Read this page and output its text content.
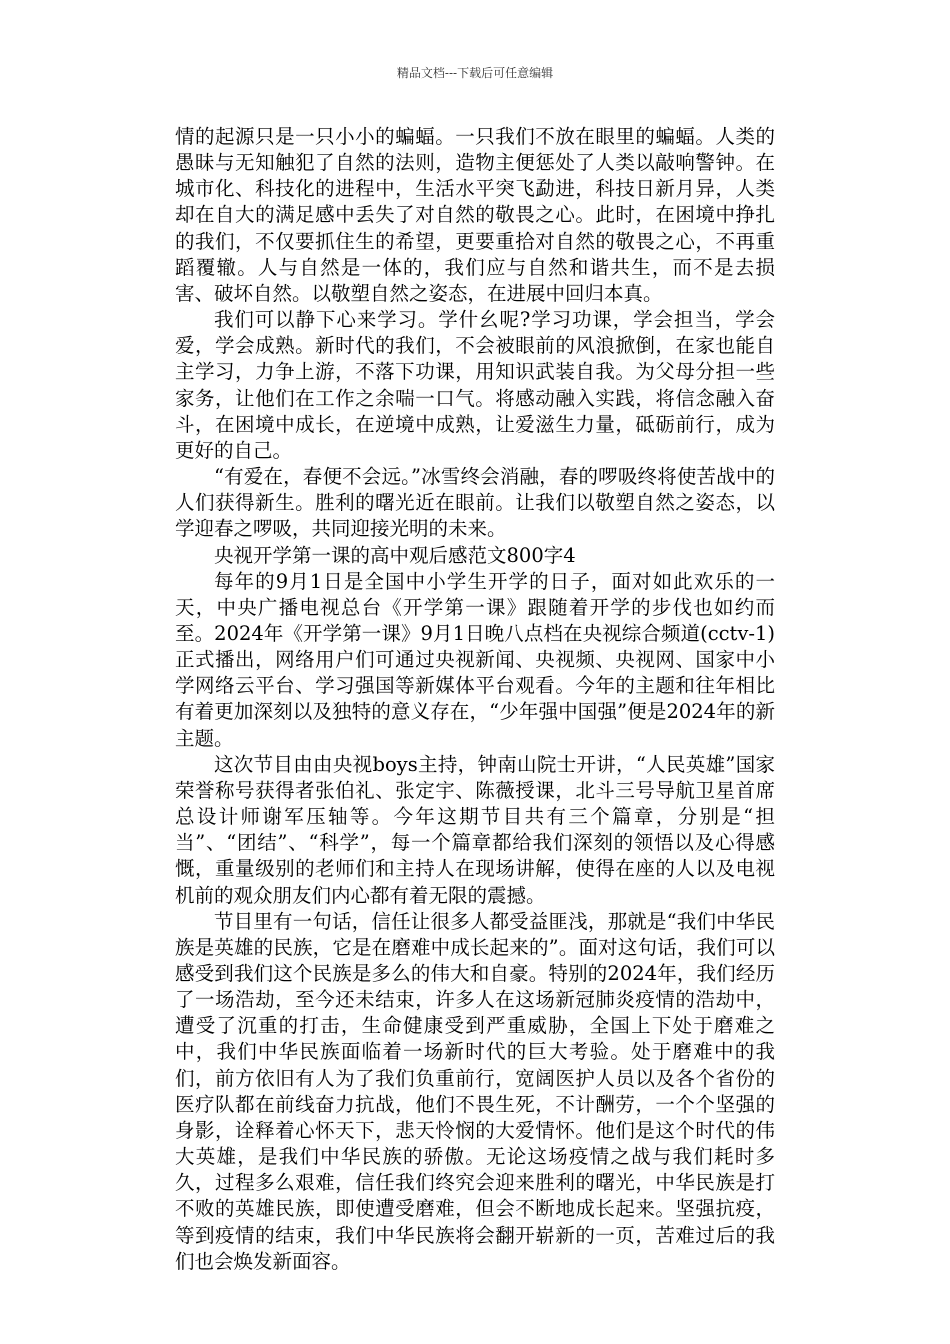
精品文档---下载后可任意编辑

情的起源只是一只小小的蝙蝠。一只我们不放在眼里的蝙蝠。人类的愚昧与无知触犯了自然的法则，造物主便惩处了人类以敲响警钟。在城市化、科技化的进程中，生活水平突飞勐进，科技日新月异，人类却在自大的满足感中丢失了对自然的敬畏之心。此时，在困境中挣扎的我们，不仅要抓住生的希望，更要重拾对自然的敬畏之心，不再重蹈覆辙。人与自然是一体的，我们应与自然和谐共生，而不是去损害、破坏自然。以敬塑自然之姿态，在进展中回归本真。

我们可以静下心来学习。学什幺呢?学习功课，学会担当，学会爱，学会成熟。新时代的我们，不会被眼前的风浪掀倒，在家也能自主学习，力争上游，不落下功课，用知识武装自我。为父母分担一些家务，让他们在工作之余喘一口气。将感动融入实践，将信念融入奋斗，在困境中成长，在逆境中成熟，让爱滋生力量，砥砺前行，成为更好的自己。

“有爱在，春便不会远。”冰雪终会消融，春的啰吸终将使苦战中的人们获得新生。胜利的曙光近在眼前。让我们以敬塑自然之姿态，以学迎春之啰吸，共同迎接光明的未来。

央视开学第一课的高中观后感范文800字4

每年的9月1日是全国中小学生开学的日子，面对如此欢乐的一天，中央广播电视总台《开学第一课》跟随着开学的步伐也如约而至。2024年《开学第一课》9月1日晚八点档在央视综合频道(cctv-1)正式播出，网络用户们可通过央视新闻、央视频、央视网、国家中小学网络云平台、学习强国等新媒体平台观看。今年的主题和往年相比有着更加深刻以及独特的意义存在，“少年强中国强”便是2024年的新主题。

这次节目由由央视boys主持，钟南山院士开讲，“人民英雄”国家荣誉称号获得者张伯礼、张定宇、陈薇授课，北斗三号导航卫星首席总设计师谢军压轴等。今年这期节目共有三个篇章，分别是“担当”、“团结”、“科学”，每一个篇章都给我们深刻的领悟以及心得感慨，重量级别的老师们和主持人在现场讲解，使得在座的人以及电视机前的观众朋友们内心都有着无限的震撼。

节目里有一句话，信任让很多人都受益匪浅，那就是“我们中华民族是英雄的民族，它是在磨难中成长起来的”。面对这句话，我们可以感受到我们这个民族是多么的伟大和自豪。特别的2024年，我们经历了一场浩劫，至今还未结束，许多人在这场新冠肺炎疫情的浩劫中，遭受了沉重的打击，生命健康受到严重威胁，全国上下处于磨难之中，我们中华民族面临着一场新时代的巨大考验。处于磨难中的我们，前方依旧有人为了我们负重前行，宽阔医护人员以及各个省份的医疗队都在前线奋力抗战，他们不畏生死，不计酬劳，一个个坚强的身影，诠释着心怀天下，悲天怜悯的大爱情怀。他们是这个时代的伟大英雄，是我们中华民族的骄傲。无论这场疫情之战与我们耗时多久，过程多么艰难，信任我们终究会迎来胜利的曙光，中华民族是打不败的英雄民族，即使遭受磨难，但会不断地成长起来。坚强抗疫，等到疫情的结束，我们中华民族将会翻开崭新的一页，苦难过后的我们也会焕发新面容。
